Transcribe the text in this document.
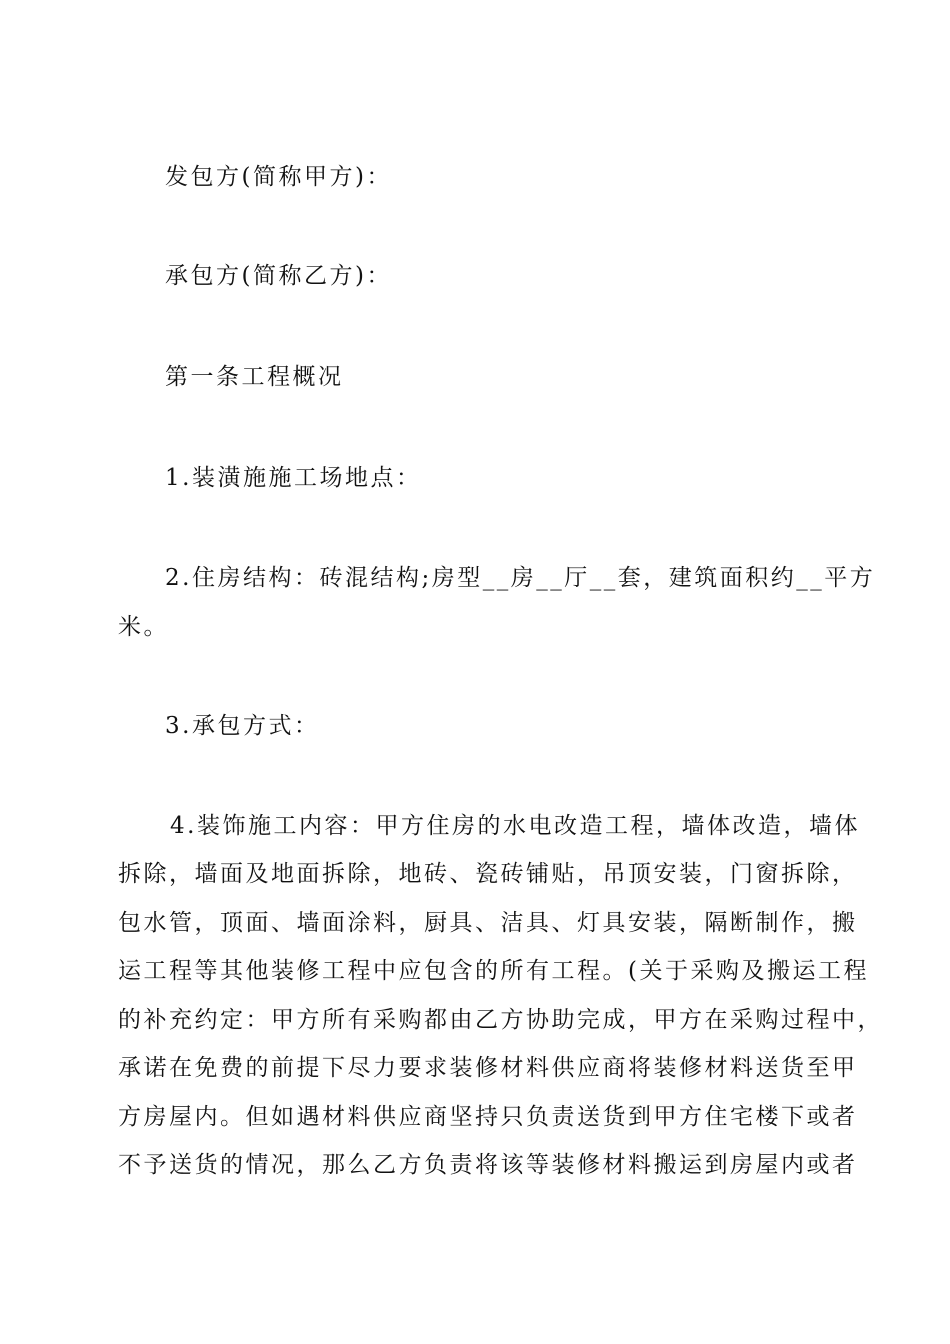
发包方(简称甲方)：
承包方(简称乙方)：
第一条工程概况
1.装潢施施工场地点：
2.住房结构：砖混结构;房型__房__厅__套，建筑面积约__平方
米。
3.承包方式：
4.装饰施工内容：甲方住房的水电改造工程，墙体改造，墙体
拆除，墙面及地面拆除，地砖、瓷砖铺贴，吊顶安装，门窗拆除，
包水管，顶面、墙面涂料，厨具、洁具、灯具安装，隔断制作，搬
运工程等其他装修工程中应包含的所有工程。(关于采购及搬运工程
的补充约定：甲方所有采购都由乙方协助完成，甲方在采购过程中，
承诺在免费的前提下尽力要求装修材料供应商将装修材料送货至甲
方房屋内。但如遇材料供应商坚持只负责送货到甲方住宅楼下或者
不予送货的情况，那么乙方负责将该等装修材料搬运到房屋内或者
